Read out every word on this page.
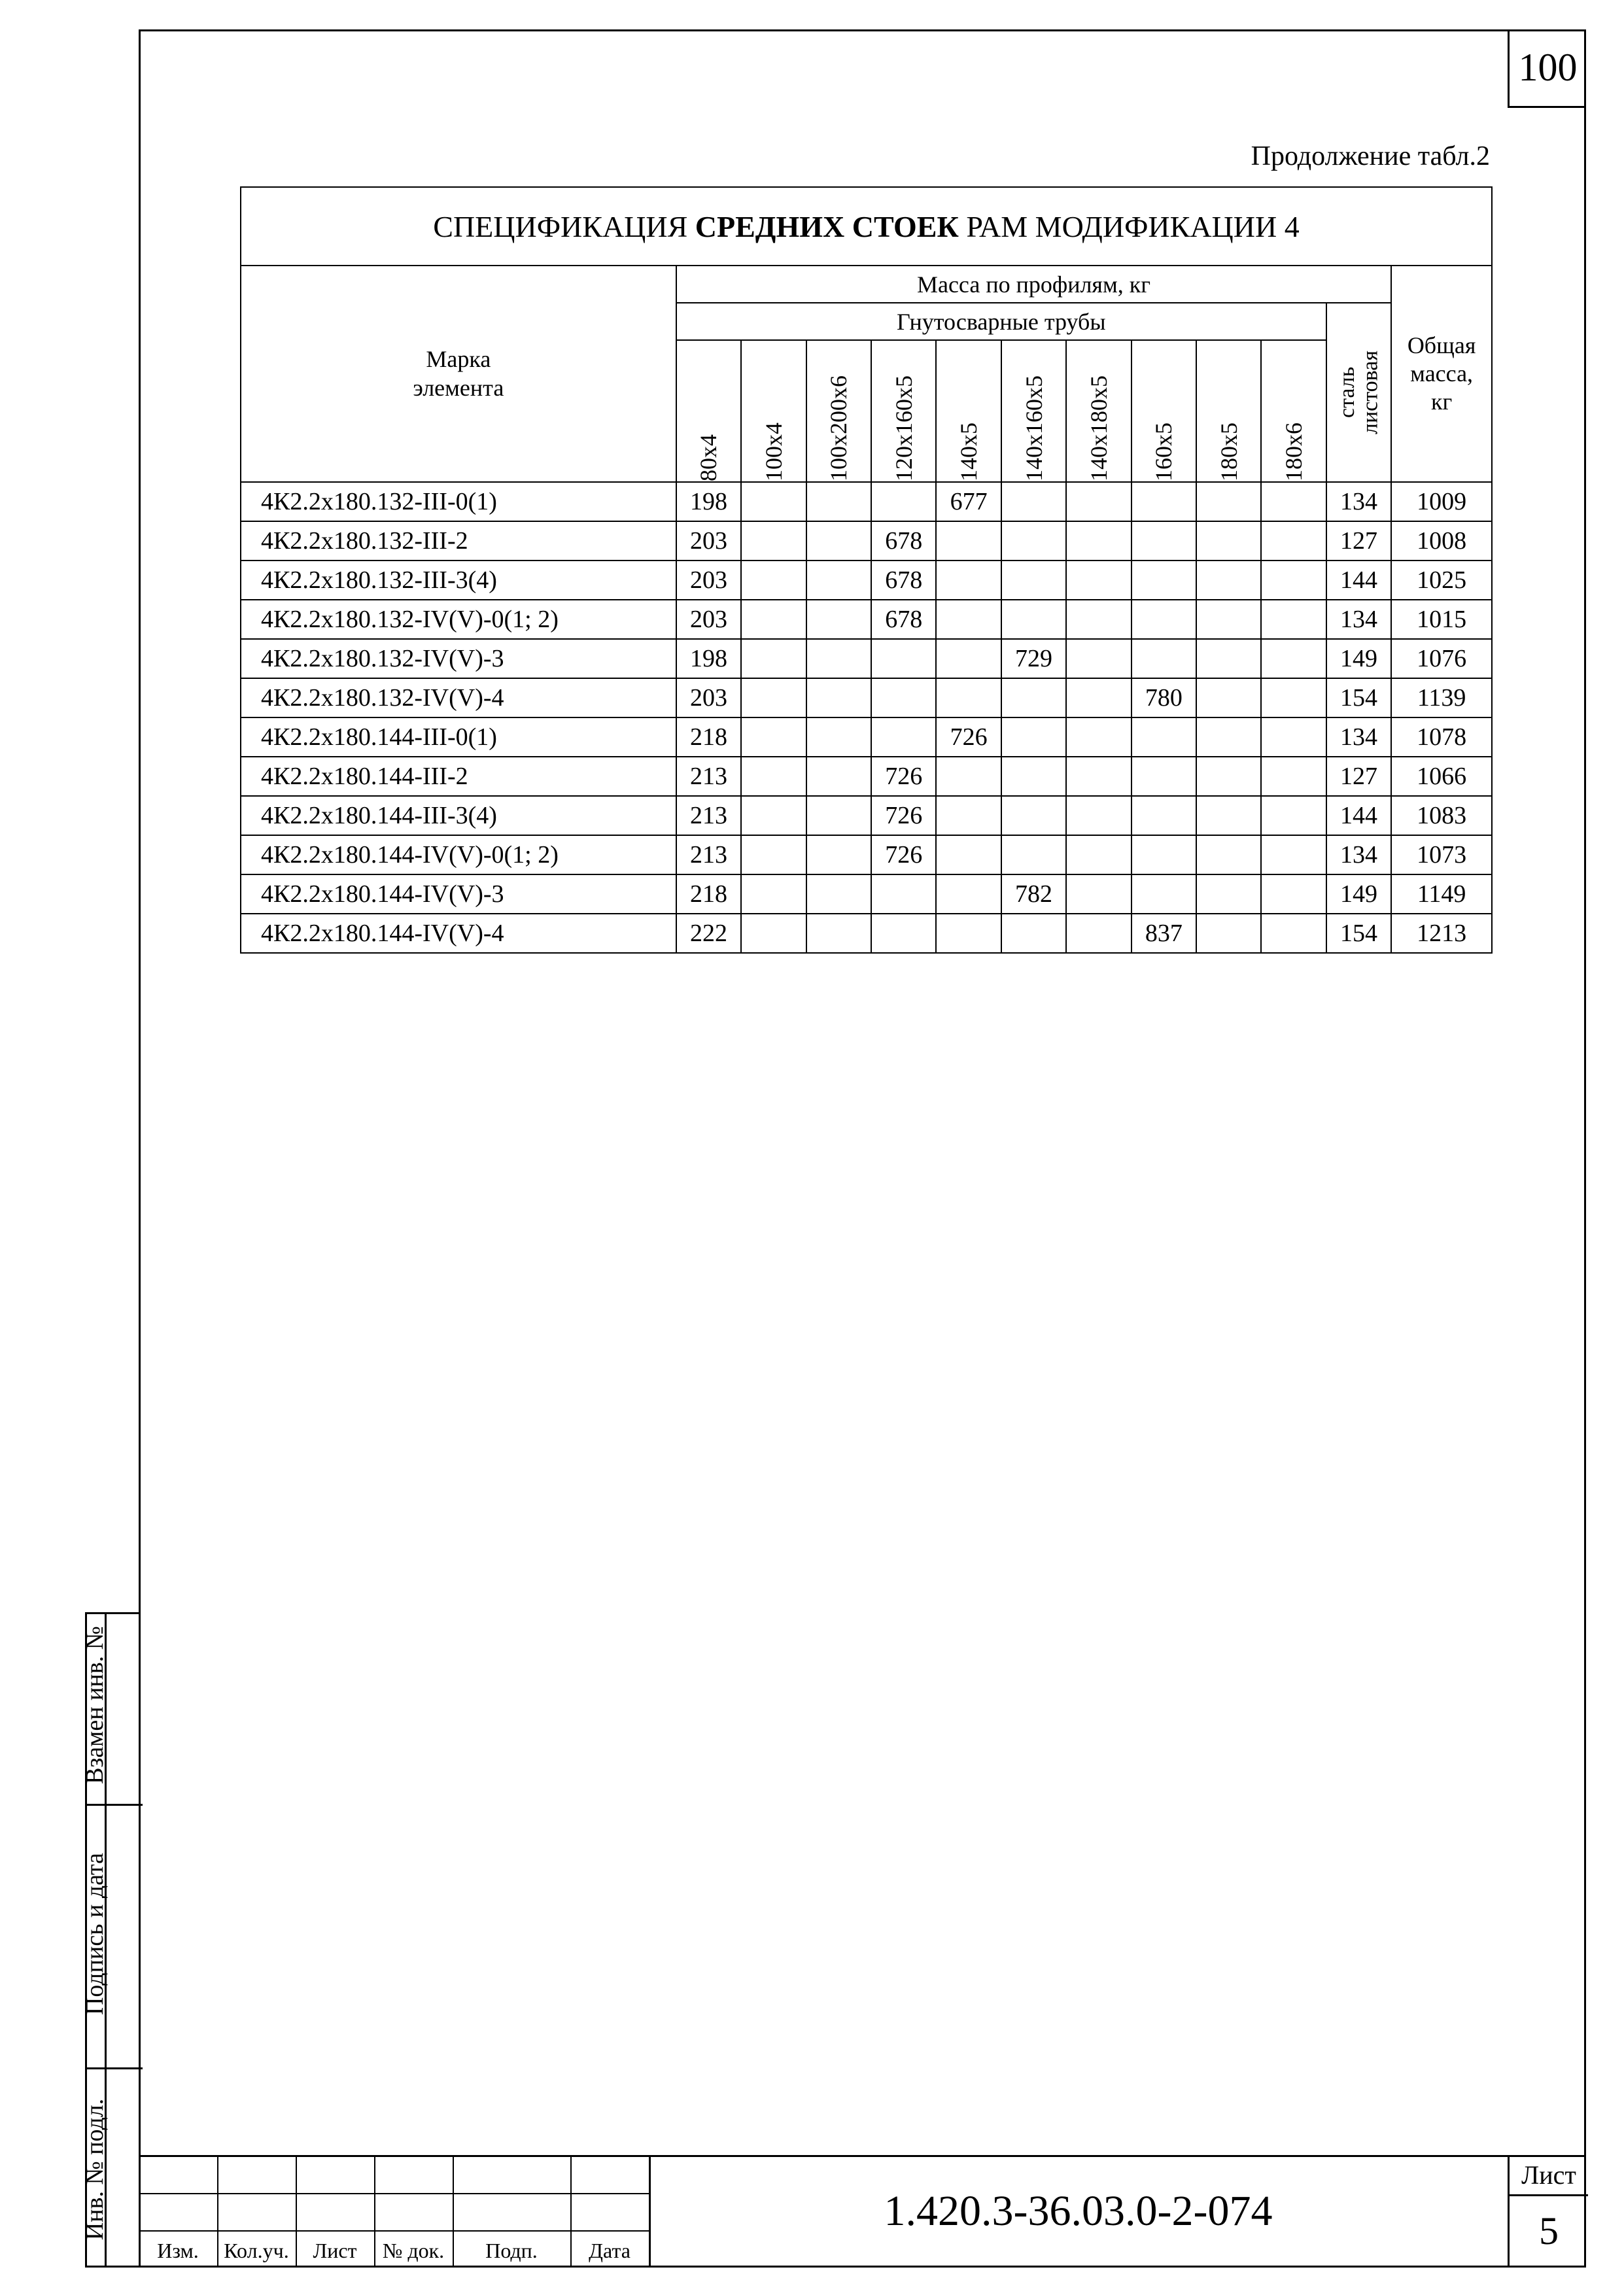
100
Продолжение табл.2
Взамен инв. №
Подпись и дата
Инв. № подл.
СПЕЦИФИКАЦИЯ СРЕДНИХ СТОЕК РАМ МОДИФИКАЦИИ 4												
Марка элемента	Масса по профилям, кг											Общая масса, кг
	Гнутосварные трубы										сталь листовая	

	80x4	100x4	100x200x6	120x160x5	140x5	140x160x5	140x180x5	160x5	180x5	180x6		

4К2.2x180.132-III-0(1)	198				677						134	1009
4К2.2x180.132-III-2	203			678							127	1008
4К2.2x180.132-III-3(4)	203			678							144	1025
4К2.2x180.132-IV(V)-0(1; 2)	203			678							134	1015
4К2.2x180.132-IV(V)-3	198					729					149	1076
4К2.2x180.132-IV(V)-4	203							780			154	1139
4К2.2x180.144-III-0(1)	218				726						134	1078
4К2.2x180.144-III-2	213			726							127	1066
4К2.2x180.144-III-3(4)	213			726							144	1083
4К2.2x180.144-IV(V)-0(1; 2)	213			726							134	1073
4К2.2x180.144-IV(V)-3	218					782					149	1149
4К2.2x180.144-IV(V)-4	222							837			154	1213
Изм.	Кол.уч.	Лист	№ док.	Подп.	Дата
1.420.3-36.03.0-2-074
Лист
5
